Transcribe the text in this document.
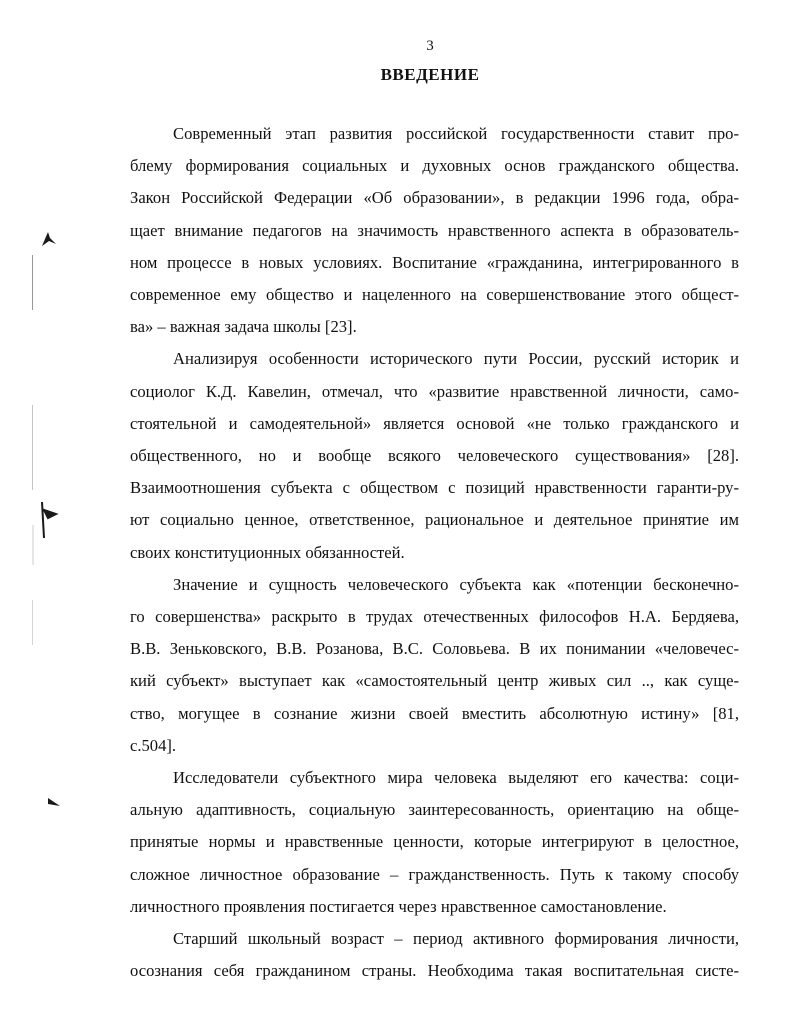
3
ВВЕДЕНИЕ

Современный этап развития российской государственности ставит про-
блему формирования социальных и духовных основ гражданского общества.
Закон Российской Федерации «Об образовании», в редакции 1996 года, обра-
щает внимание педагогов на значимость нравственного аспекта в образователь-
ном процессе в новых условиях. Воспитание «гражданина, интегрированного в
современное ему общество и нацеленного на совершенствование этого общест-
ва» – важная задача школы [23].

Анализируя особенности исторического пути России, русский историк и
социолог К.Д. Кавелин, отмечал, что «развитие нравственной личности, само-
стоятельной и самодеятельной» является основой «не только гражданского и
общественного, но и вообще всякого человеческого существования» [28].
Взаимоотношения субъекта с обществом с позиций нравственности гаранти-ру-
ют социально ценное, ответственное, рациональное и деятельное принятие им
своих конституционных обязанностей.

Значение и сущность человеческого субъекта как «потенции бесконечно-
го совершенства» раскрыто в трудах отечественных философов Н.А. Бердяева,
В.В. Зеньковского, В.В. Розанова, В.С. Соловьева. В их понимании «человечес-
кий субъект» выступает как «самостоятельный центр живых сил .., как суще-
ство, могущее в сознание жизни своей вместить абсолютную истину» [81,
с.504].

Исследователи субъектного мира человека выделяют его качества: соци-
альную адаптивность, социальную заинтересованность, ориентацию на обще-
принятые нормы и нравственные ценности, которые интегрируют в целостное,
сложное личностное образование – гражданственность. Путь к такому способу
личностного проявления постигается через нравственное самостановление.

Старший школьный возраст – период активного формирования личности,
осознания себя гражданином страны. Необходима такая воспитательная систе-
